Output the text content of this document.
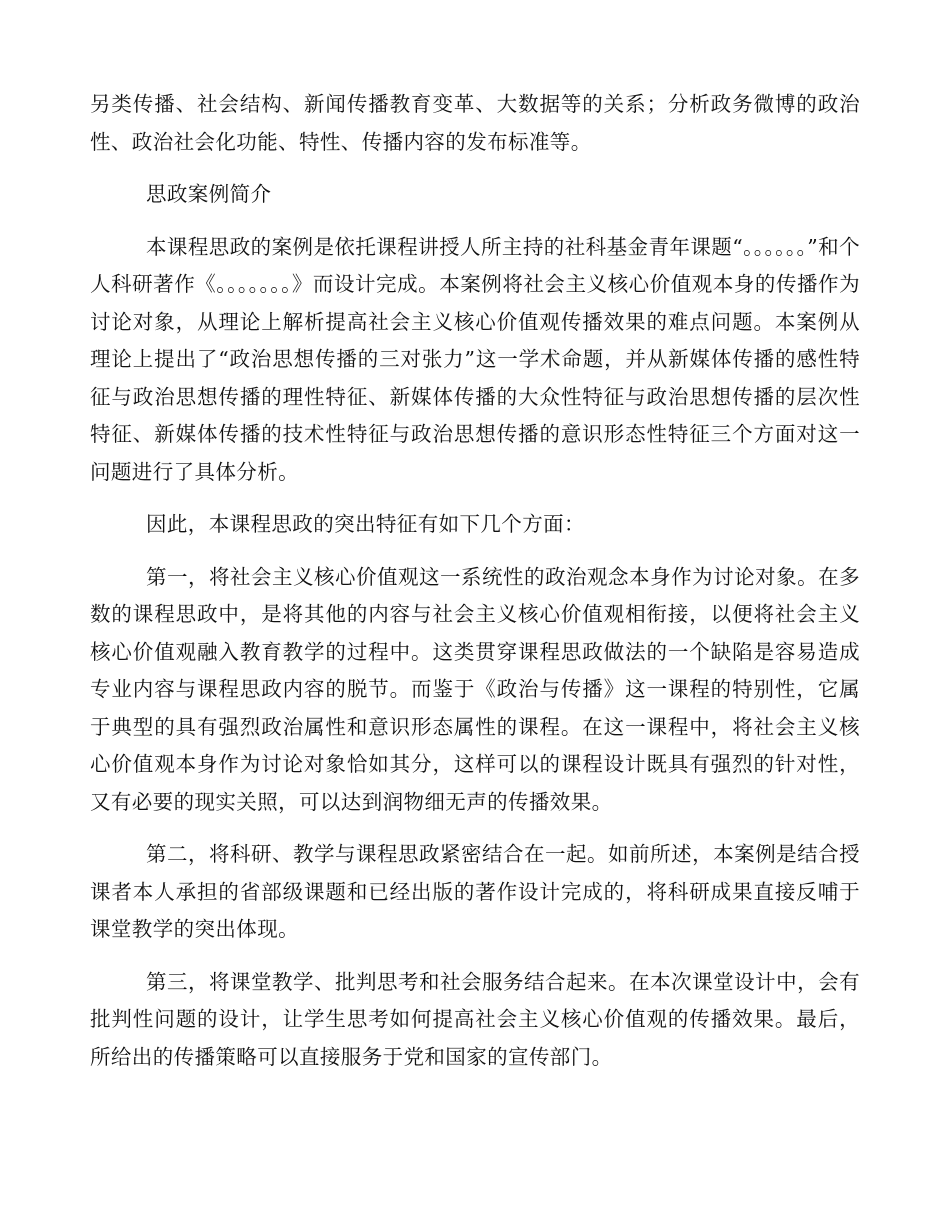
另类传播、社会结构、新闻传播教育变革、大数据等的关系；分析政务微博的政治性、政治社会化功能、特性、传播内容的发布标准等。

思政案例简介

本课程思政的案例是依托课程讲授人所主持的社科基金青年课题“。。。。。。”和个人科研著作《。。。。。。。》而设计完成。本案例将社会主义核心价值观本身的传播作为讨论对象，从理论上解析提高社会主义核心价值观传播效果的难点问题。本案例从理论上提出了“政治思想传播的三对张力”这一学术命题，并从新媒体传播的感性特征与政治思想传播的理性特征、新媒体传播的大众性特征与政治思想传播的层次性特征、新媒体传播的技术性特征与政治思想传播的意识形态性特征三个方面对这一问题进行了具体分析。

因此，本课程思政的突出特征有如下几个方面：

第一，将社会主义核心价值观这一系统性的政治观念本身作为讨论对象。在多数的课程思政中，是将其他的内容与社会主义核心价值观相衔接，以便将社会主义核心价值观融入教育教学的过程中。这类贯穿课程思政做法的一个缺陷是容易造成专业内容与课程思政内容的脱节。而鉴于《政治与传播》这一课程的特别性，它属于典型的具有强烈政治属性和意识形态属性的课程。在这一课程中，将社会主义核心价值观本身作为讨论对象恰如其分，这样可以的课程设计既具有强烈的针对性，又有必要的现实关照，可以达到润物细无声的传播效果。

第二，将科研、教学与课程思政紧密结合在一起。如前所述，本案例是结合授课者本人承担的省部级课题和已经出版的著作设计完成的，将科研成果直接反哺于课堂教学的突出体现。

第三，将课堂教学、批判思考和社会服务结合起来。在本次课堂设计中，会有批判性问题的设计，让学生思考如何提高社会主义核心价值观的传播效果。最后，所给出的传播策略可以直接服务于党和国家的宣传部门。
